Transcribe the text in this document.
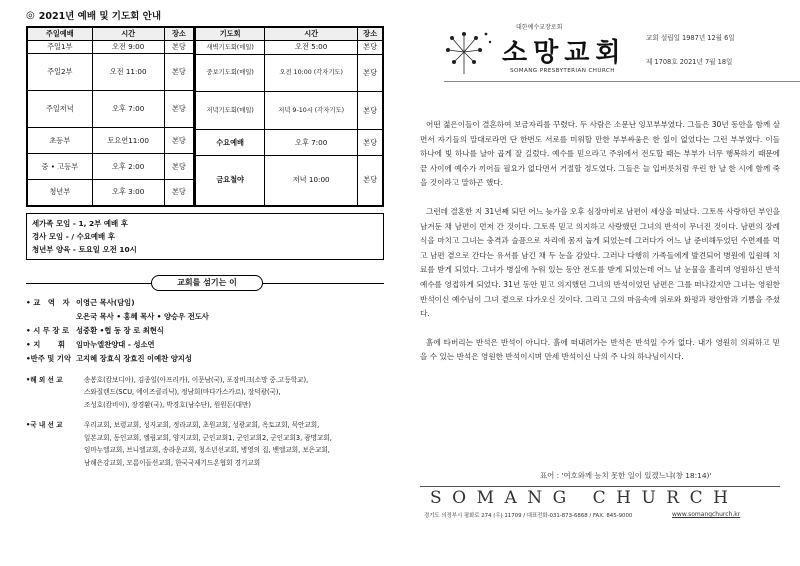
◎ 2021년 예배 및 기도회 안내
주일예배	시간	장소
주일1부	오전 9:00	본당
주일2부	오전 11:00	본당
주일저녁	오후 7:00	본당
초등부	토요연11:00	본당
중 • 고등부	오후 2:00	본당
청년부	오후 3:00	본당
기도회	시간	장소
새벽기도회(매일)	오전 5:00	본당
중보기도회(매일)	오전 10:00 (각자기도)	본당
저녁기도회(매일)	저녁 9-10시 (각자기도)	본당
수요예배	오후 7:00	본당
금요철야	저녁 10:00	본당
세가족 모임 - 1, 2부 예배 후
경사 모임 - / 수요예배 후
청년부 양육 - 토요일 오전 10시
교회를 섬기는 이
• 교   역   자 이영근 목사(담임)
오은국 목사 • 홍혜 목사 • 양승우 전도사
• 시 무 장 로 성중환 •협 동 장 로 최현식
• 지       휘	임마누엘찬양대 - 성소연
•반주 및 기악 고지혜 장효식 장효진 이예찬 양지성
•해 외 선 교	송봉호(캄보디아), 김종일(아프리카), 이문남(국), 포잠비크(소망 중.고등학교),
스와질랜드(SCU, 에이즈클리닉), 정남희(마다가스카르), 장덕광(국),
조성호(캄비아), 장경환(국), 박경호(남수단), 원원돈(대만)
•국 내 선 교	우리교회, 보령교회, 성지교회, 정라교회, 초원교회, 성광교회, 옥토교회, 묵안교회,
일본교회, 동인교회, 엘림교회, 양지교회, 군인교회1, 군인교회2, 군인교회3, 광명교회,
임마누엘교회, 브니엘교회, 송라운교회, 청소년선교회, 병영의 집, 밴엘교회, 보은교회,
남해은강교회, 모름이들선교회, 한국국제기드온협회 경기교회
대한예수교장로회
소망교회
SOMANG PRESBYTERIAN CHURCH
교회 설립일 1987년 12월 6일
제 1708호 2021년 7월 18일

어떤 젊은이들이 결혼하여 보금자리를 꾸렸다. 두 사람은 소문난 잉꼬부부였다. 그들은 30년 동안을 함께 살면서 자기들의 말대로라면 단 한번도 서로를 미워할 만한 부부싸움은 한 일이 없었다는 그런 부부였다. 이들 하나에 빛 하나를 날아 곱게 잘 길렀다. 예수를 믿으라고 주위에서 전도할 때는 부부가 너무 행복하기 때문에 끝 사이에 예수가 끼어들 필요가 없다면서 거절할 정도였다. 그들은 늘 입버릇처럼 우린 한 날 한 시에 함께 죽을 것이라고 말하곤 했다.

그런데 결혼한 지 31년째 되던 어느 늦가을 오후 심장마비로 남편이 세상을 떠났다. 그토록 사랑하던 부인을 남겨둔 채 남편이 먼저 간 것이다. 그토록 믿고 의지하고 사랑했던 그녀의 반석이 무너진 것이다. 남편의 장례식을 마치고 그녀는 충격과 슬픔으로 자리에 몸져 눕게 되었는데 그러다가 어느 날 준비해두었던 수면제를 먹고 남편 곁으로 간다는 유서를 남긴 채 두 눈을 감았다. 그러나 다행히 가족들에게 발견되어 병원에 입원해 치료를 받게 되었다. 그녀가 병실에 누워 있는 동안 전도를 받게 되었는데 어느 날 눈물을 흘리며 영원하신 반석 예수를 영접하게 되었다. 31년 동안 믿고 의지했던 그녀의 반석이었던 남편은 그를 떠나갔지만 그녀는 영원한 반석이신 예수님이 그녀 곁으로 다가오신 것이다. 그리고 그의 마음속에 위로와 화평과 평안함과 기쁨을 주셨다.

흙에 타버리는 반석은 반석이 아니다. 흙에 떠내려가는 반석은 반석일 수가 없다. 내가 영원히 의뢰하고 믿을 수 있는 반석은 영원한 반석이시며 만세 반석이신 나의 주 나의 하나님이시다.

표어 : '여호와께 능치 못한 일이 있겠느냐(창 18:14)'
SOMANG CHURCH
경기도 의정부시 평화로 274 (우) 11709 / 대표전화-031-873-6868 / FAX. 845-9000	www.somangchurch.kr
